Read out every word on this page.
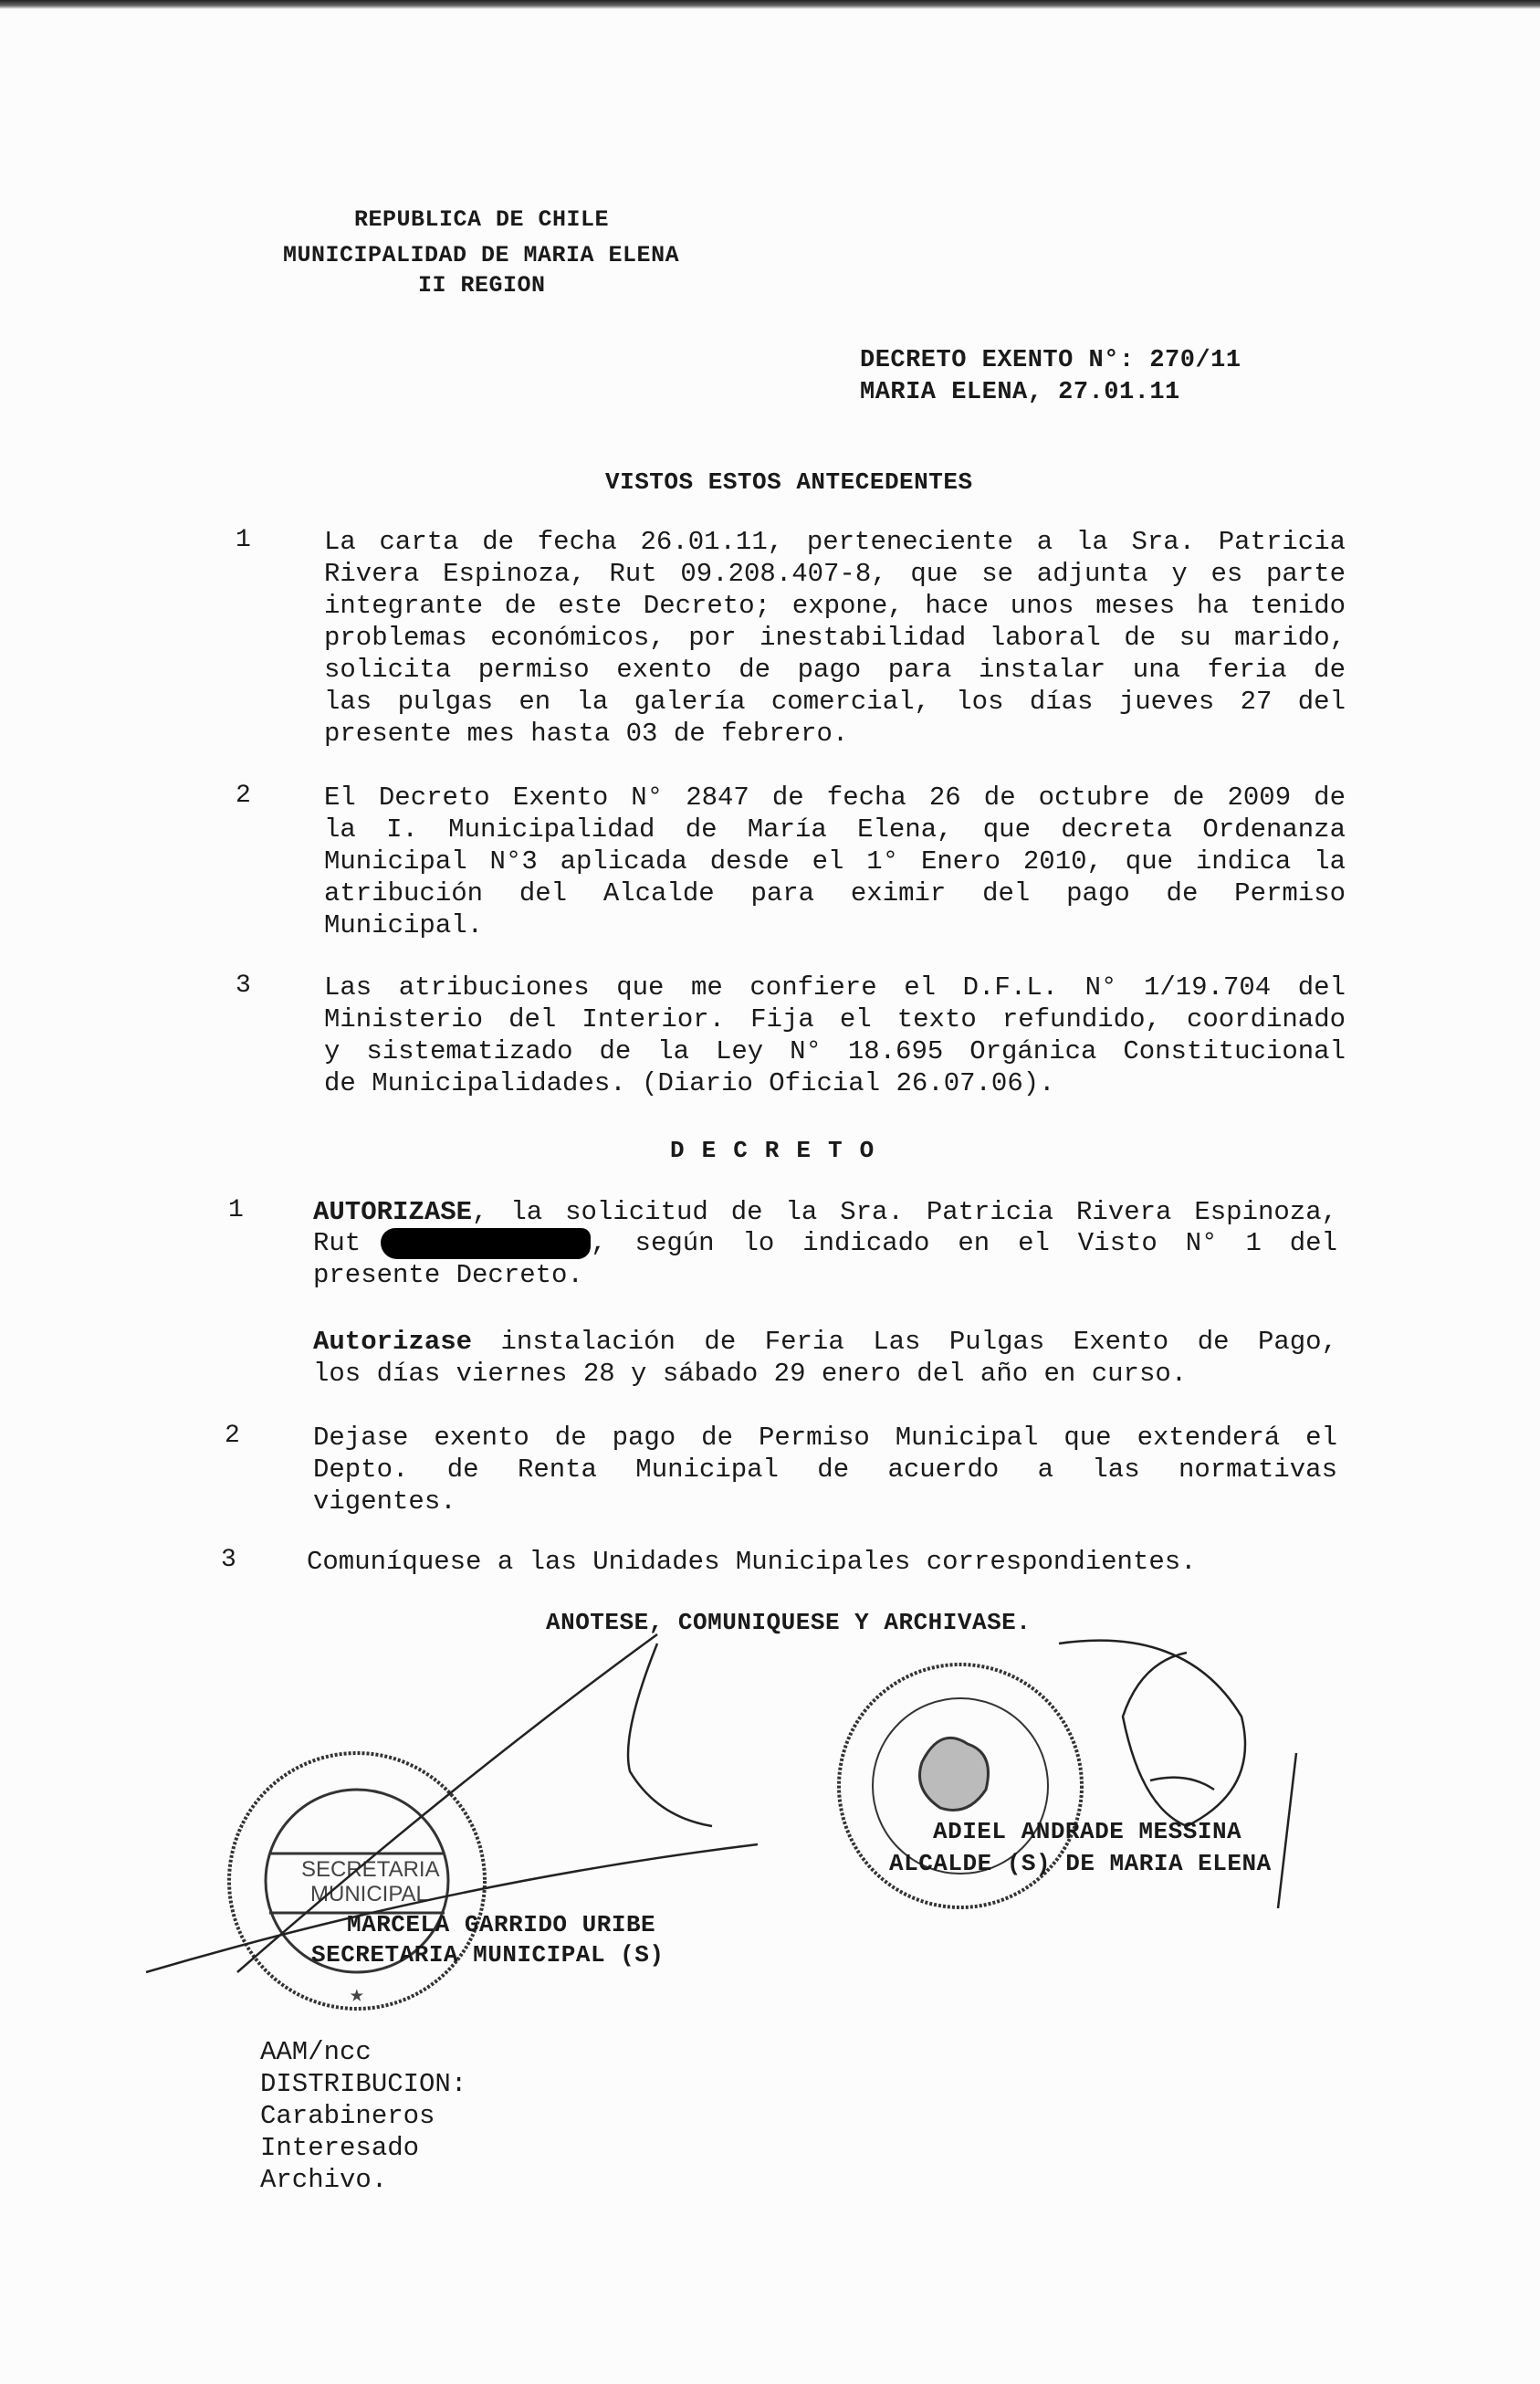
REPUBLICA DE CHILE
MUNICIPALIDAD DE MARIA ELENA
II REGION
DECRETO EXENTO N°: 270/11
MARIA ELENA, 27.01.11
VISTOS ESTOS ANTECEDENTES
1	La carta de fecha 26.01.11, perteneciente a la Sra. Patricia
Rivera Espinoza, Rut 09.208.407-8, que se adjunta y es parte
integrante de este Decreto; expone, hace unos meses ha tenido
problemas económicos, por inestabilidad laboral de su marido,
solicita permiso exento de pago para instalar una feria de
las pulgas en la galería comercial, los días jueves 27 del
presente mes hasta 03 de febrero.
2	El Decreto Exento N° 2847 de fecha 26 de octubre de 2009 de
la I. Municipalidad de María Elena, que decreta Ordenanza
Municipal N°3 aplicada desde el 1° Enero 2010, que indica la
atribución del Alcalde para eximir del pago de Permiso
Municipal.
3	Las atribuciones que me confiere el D.F.L. N° 1/19.704 del
Ministerio del Interior. Fija el texto refundido, coordinado
y sistematizado de la Ley N° 18.695 Orgánica Constitucional
de Municipalidades. (Diario Oficial 26.07.06).
DECRETO
1	AUTORIZASE, la solicitud de la Sra. Patricia Rivera Espinoza,
Rut	, según lo indicado en el Visto N° 1 del
presente Decreto.
Autorizase instalación de Feria Las Pulgas Exento de Pago,
los días viernes 28 y sábado 29 enero del año en curso.
2	Dejase exento de pago de Permiso Municipal que extenderá el
Depto. de Renta Municipal de acuerdo a las normativas
vigentes.
3	Comuníquese a las Unidades Municipales correspondientes.
ANOTESE, COMUNIQUESE Y ARCHIVASE.
SECRETARIA
MUNICIPAL
★
ADIEL ANDRADE MESSINA
ALCALDE (S) DE MARIA ELENA
MARCELA GARRIDO URIBE
SECRETARIA MUNICIPAL (S)
AAM/ncc
DISTRIBUCION:
Carabineros
Interesado
Archivo.
